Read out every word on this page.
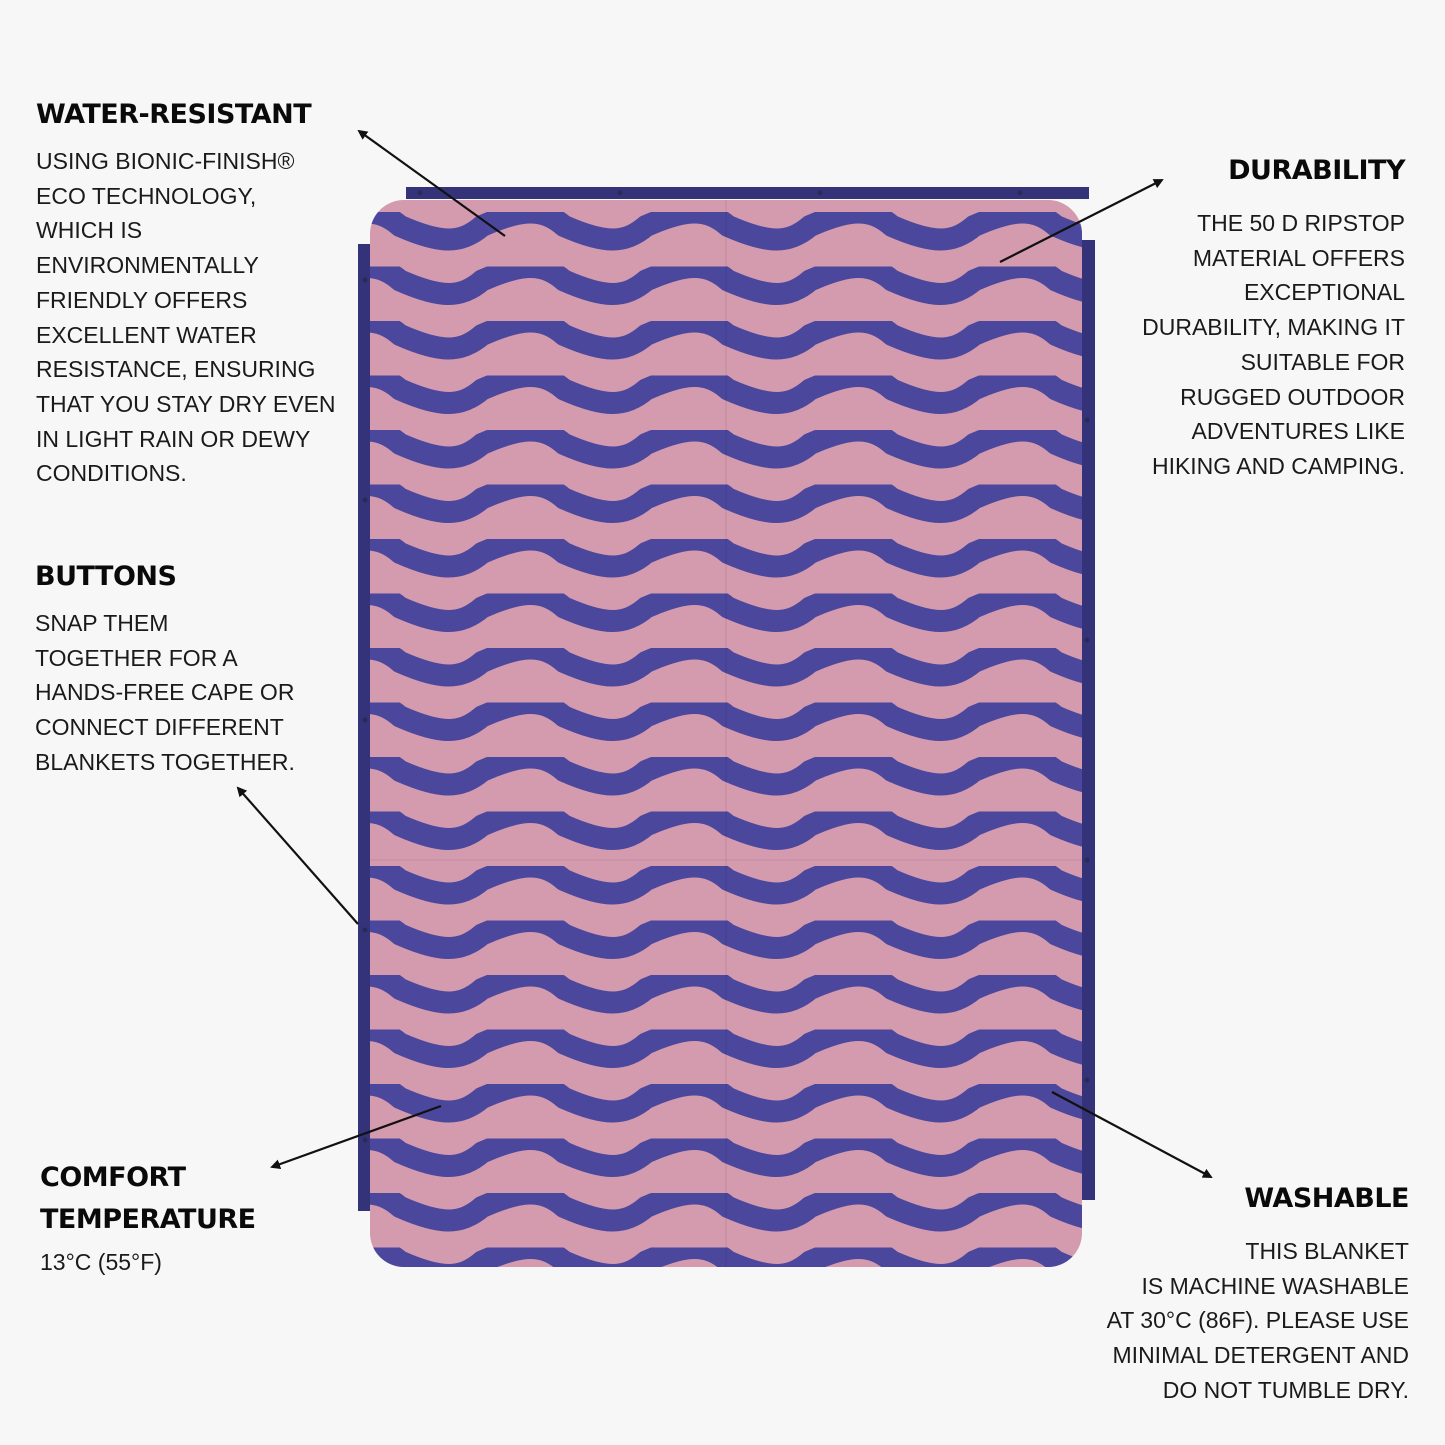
WATER-RESISTANT

USING BIONIC-FINISH®
ECO TECHNOLOGY,
WHICH IS
ENVIRONMENTALLY
FRIENDLY OFFERS
EXCELLENT WATER
RESISTANCE, ENSURING
THAT YOU STAY DRY EVEN
IN LIGHT RAIN OR DEWY
CONDITIONS.

DURABILITY

THE 50 D RIPSTOP
MATERIAL OFFERS
EXCEPTIONAL
DURABILITY, MAKING IT
SUITABLE FOR
RUGGED OUTDOOR
ADVENTURES LIKE
HIKING AND CAMPING.

BUTTONS

SNAP THEM
TOGETHER FOR A
HANDS-FREE CAPE OR
CONNECT DIFFERENT
BLANKETS TOGETHER.

COMFORT
TEMPERATURE

13°C (55°F)

WASHABLE

THIS BLANKET
IS MACHINE WASHABLE
AT 30°C (86F). PLEASE USE
MINIMAL DETERGENT AND
DO NOT TUMBLE DRY.
